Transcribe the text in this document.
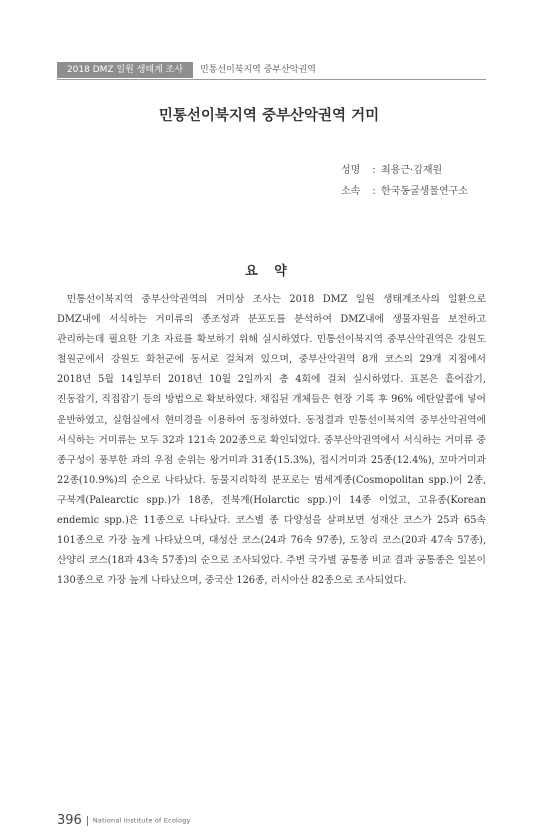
2018 DMZ 일원 생태계 조사	민통선이북지역 중부산악권역
민통선이북지역 중부산악권역 거미
성명 : 최용근·김재원
소속 : 한국동굴생물연구소
요 약
민통선이북지역 중부산악권역의 거미상 조사는 2018 DMZ 일원 생태계조사의 일환으로 DMZ내에 서식하는 거미류의 종조성과 분포도를 분석하여 DMZ내에 생물자원을 보전하고 관리하는데 필요한 기초 자료를 확보하기 위해 실시하였다. 민통선이북지역 중부산악권역은 강원도 철원군에서 강원도 화천군에 동서로 걸쳐져 있으며, 중부산악권역 8개 코스의 29개 지점에서 2018년 5월 14일부터 2018년 10월 2일까지 총 4회에 걸쳐 실시하였다. 표본은 흩어잡기, 진동잡기, 직접잡기 등의 방법으로 확보하였다. 채집된 개체들은 현장 기록 후 96% 에탄알콜에 넣어 운반하였고, 실험실에서 현미경을 이용하여 동정하였다. 동정결과 민통선이북지역 중부산악권역에 서식하는 거미류는 모두 32과 121속 202종으로 확인되었다. 중부산악권역에서 서식하는 거미류 중 종구성이 풍부한 과의 우점 순위는 왕거미과 31종(15.3%), 접시거미과 25종(12.4%), 꼬마거미과 22종(10.9%)의 순으로 나타났다. 동물지리학적 분포로는 범세계종(Cosmopolitan spp.)이 2종, 구북계(Palearctic spp.)가 18종, 전북계(Holarctic spp.)이 14종 이었고, 고유종(Korean endemic spp.)은 11종으로 나타났다. 코스별 종 다양성을 살펴보면 성재산 코스가 25과 65속 101종으로 가장 높게 나타났으며, 대성산 코스(24과 76속 97종), 도창리 코스(20과 47속 57종), 산양리 코스(18과 43속 57종)의 순으로 조사되었다. 주변 국가별 공통종 비교 결과 공통종은 일본이 130종으로 가장 높게 나타났으며, 중국산 126종, 러시아산 82종으로 조사되었다.
396 National Institute of Ecology
